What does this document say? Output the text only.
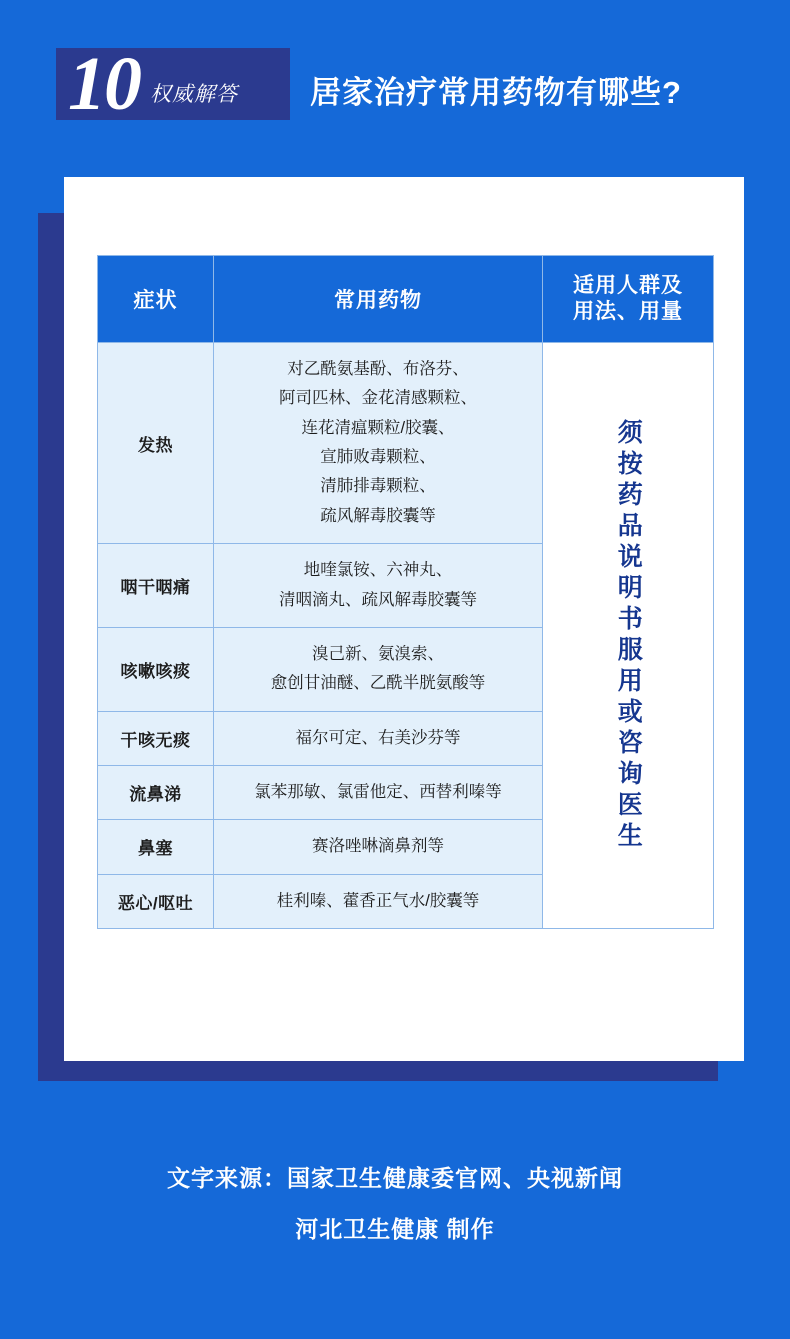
10 权威解答 居家治疗常用药物有哪些?
症状	常用药物	适用人群及
用法、用量

发热	对乙酰氨基酚、布洛芬、
阿司匹林、金花清感颗粒、
连花清瘟颗粒/胶囊、
宣肺败毒颗粒、
清肺排毒颗粒、
疏风解毒胶囊等	须按药品说明书服用或咨询医生

咽干咽痛	地喹氯铵、六神丸、
清咽滴丸、疏风解毒胶囊等	
咳嗽咳痰	溴己新、氨溴索、
愈创甘油醚、乙酰半胱氨酸等	
干咳无痰	福尔可定、右美沙芬等	
流鼻涕	氯苯那敏、氯雷他定、西替利嗪等	
鼻塞	赛洛唑啉滴鼻剂等	
恶心/呕吐	桂利嗪、藿香正气水/胶囊等	
文字来源：国家卫生健康委官网、央视新闻
河北卫生健康 制作
